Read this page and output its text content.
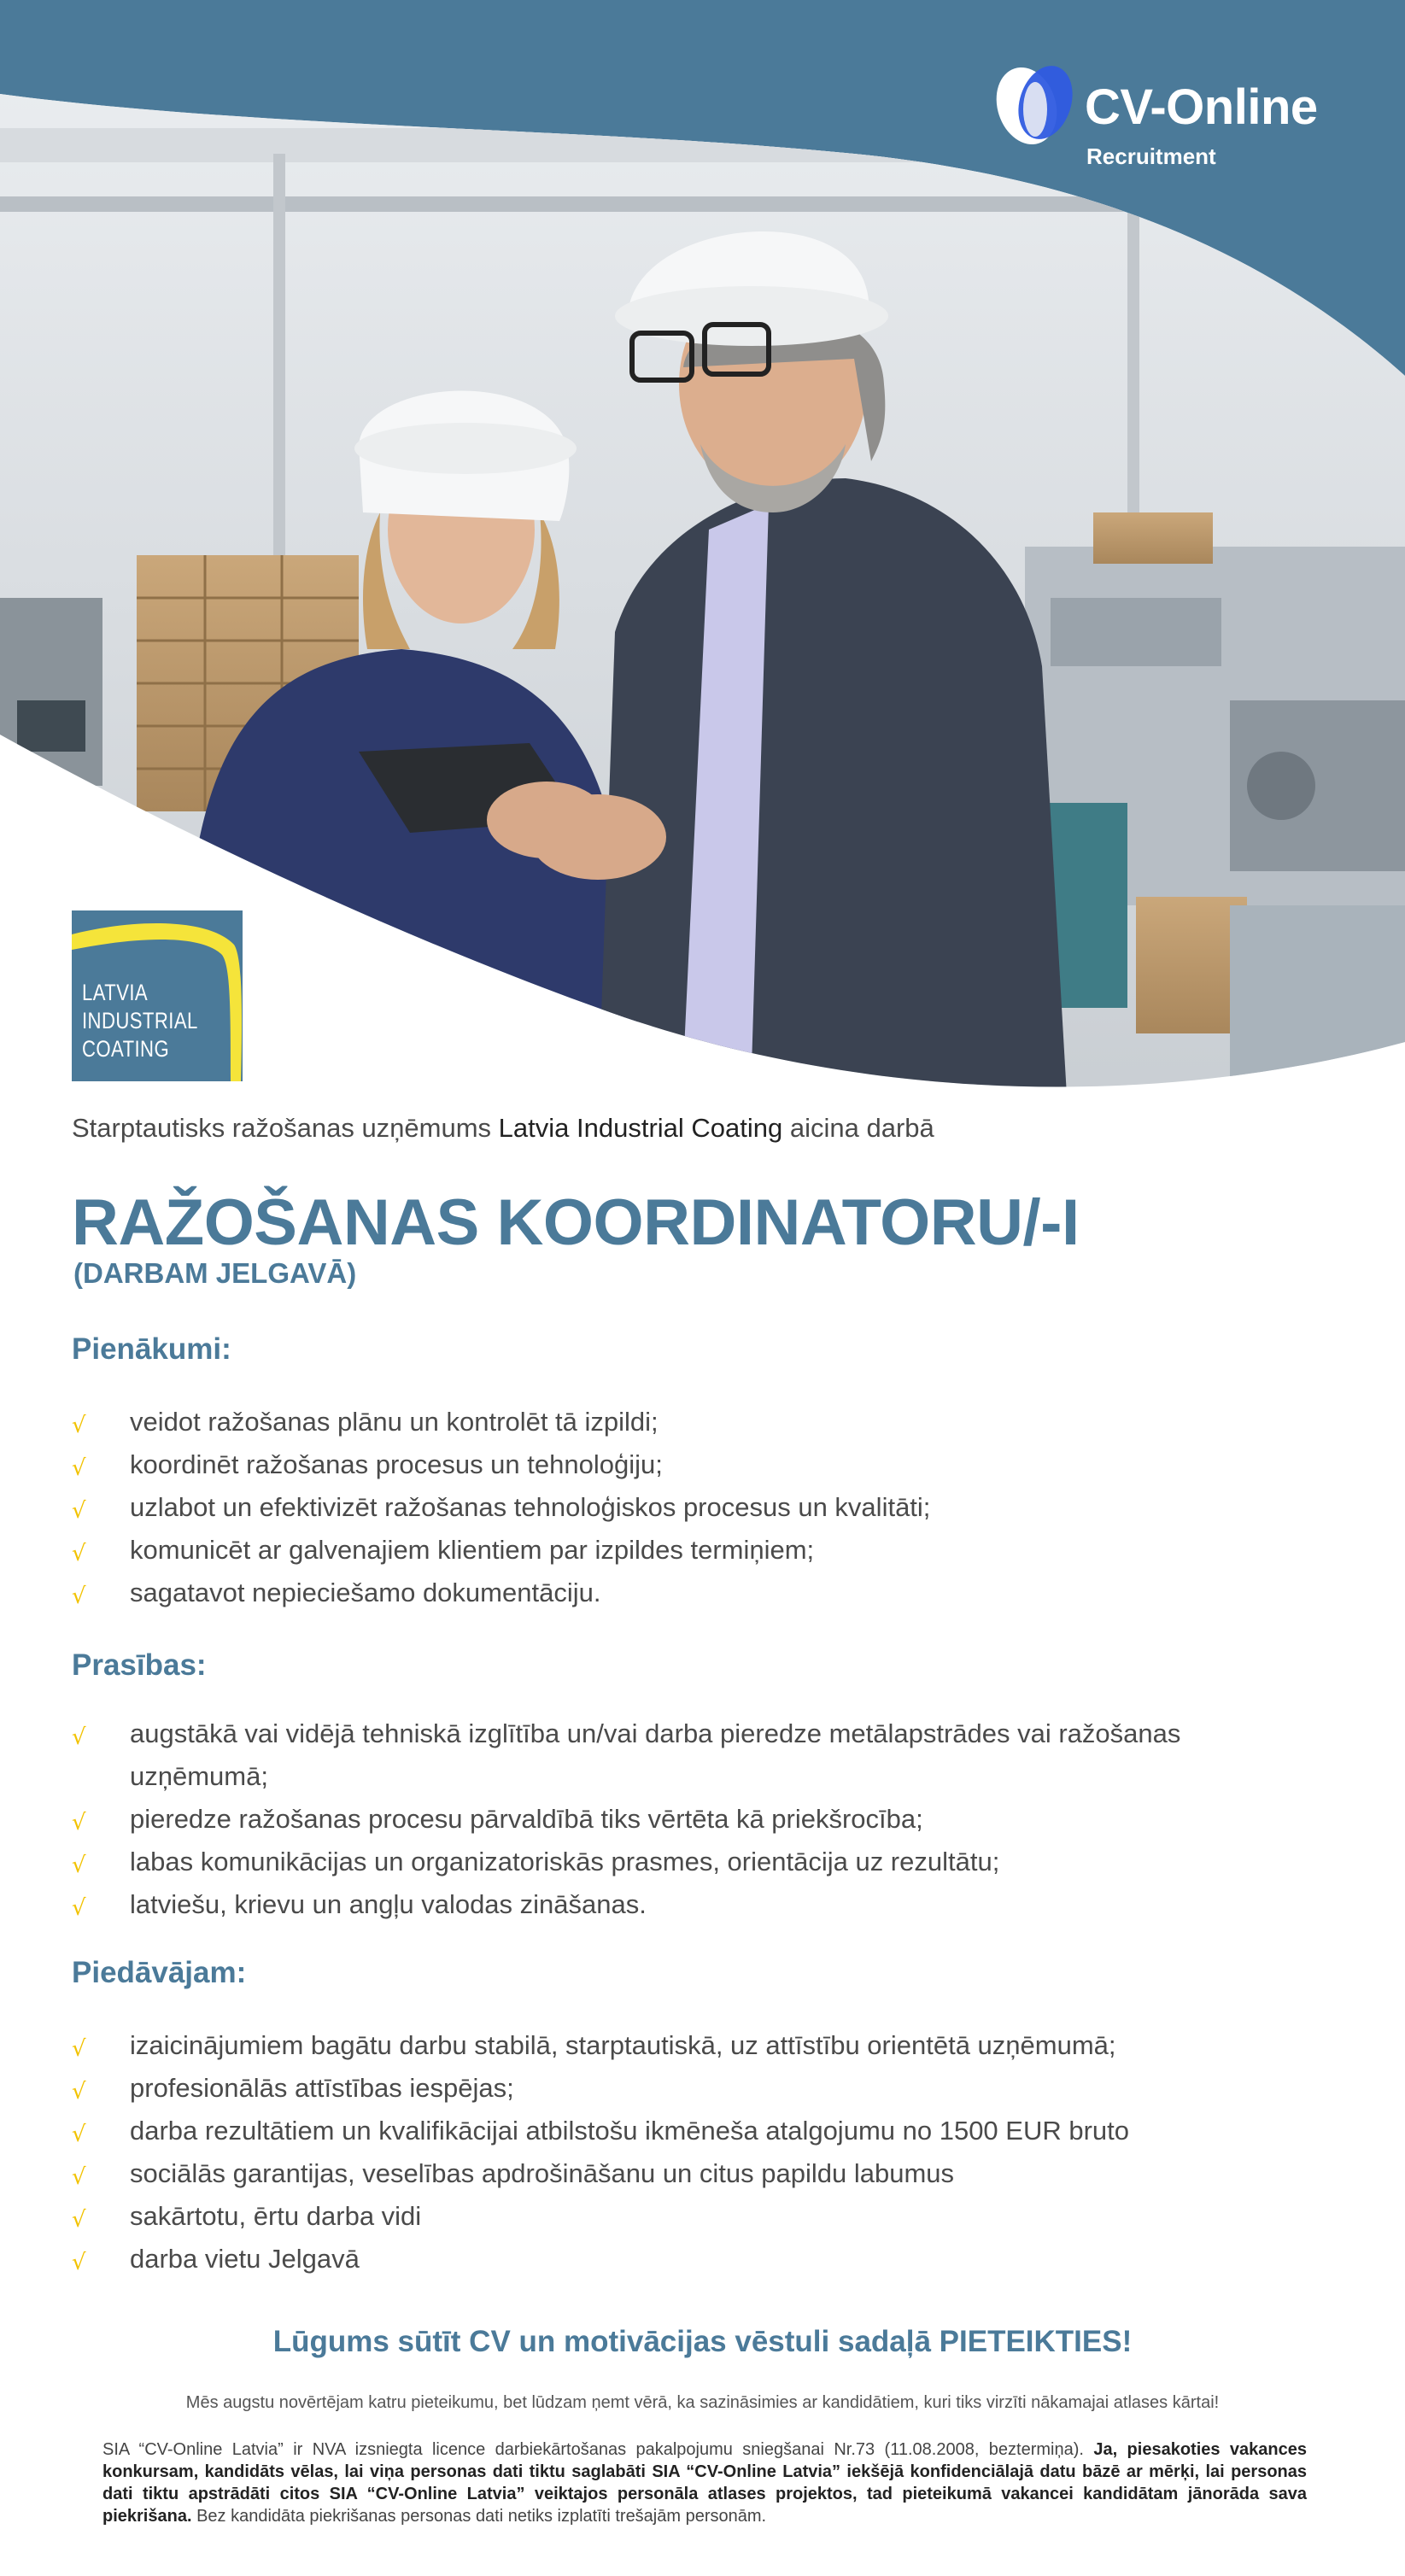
CV-Online
Recruitment
LATVIA
INDUSTRIAL
COATING
Starptautisks ražošanas uzņēmums Latvia Industrial Coating aicina darbā
RAŽOŠANAS KOORDINATORU/-I
(DARBAM JELGAVĀ)
Pienākumi:
√ veidot ražošanas plānu un kontrolēt tā izpildi;
√ koordinēt ražošanas procesus un tehnoloģiju;
√ uzlabot un efektivizēt ražošanas tehnoloģiskos procesus un kvalitāti;
√ komunicēt ar galvenajiem klientiem par izpildes termiņiem;
√ sagatavot nepieciešamo dokumentāciju.
Prasības:
√ augstākā vai vidējā tehniskā izglītība un/vai darba pieredze metālapstrādes vai ražošanas uzņēmumā;
√ pieredze ražošanas procesu pārvaldībā tiks vērtēta kā priekšrocība;
√ labas komunikācijas un organizatoriskās prasmes, orientācija uz rezultātu;
√ latviešu, krievu un angļu valodas zināšanas.
Piedāvājam:
√ izaicinājumiem bagātu darbu stabilā, starptautiskā, uz attīstību orientētā uzņēmumā;
√ profesionālās attīstības iespējas;
√ darba rezultātiem un kvalifikācijai atbilstošu ikmēneša atalgojumu no 1500 EUR bruto
√ sociālās garantijas, veselības apdrošināšanu un citus papildu labumus
√ sakārtotu, ērtu darba vidi
√ darba vietu Jelgavā
Lūgums sūtīt CV un motivācijas vēstuli sadaļā PIETEIKTIES!
Mēs augstu novērtējam katru pieteikumu, bet lūdzam ņemt vērā, ka sazināsimies ar kandidātiem, kuri tiks virzīti nākamajai atlases kārtai!
SIA “CV-Online Latvia” ir NVA izsniegta licence darbiekārtošanas pakalpojumu sniegšanai Nr.73 (11.08.2008, beztermiņa). Ja, piesakoties vakances konkursam, kandidāts vēlas, lai viņa personas dati tiktu saglabāti SIA “CV-Online Latvia” iekšējā konfidenciālajā datu bāzē ar mērķi, lai personas dati tiktu apstrādāti citos SIA “CV-Online Latvia” veiktajos personāla atlases projektos, tad pieteikumā vakancei kandidātam jānorāda sava piekrišana. Bez kandidāta piekrišanas personas dati netiks izplatīti trešajām personām.
